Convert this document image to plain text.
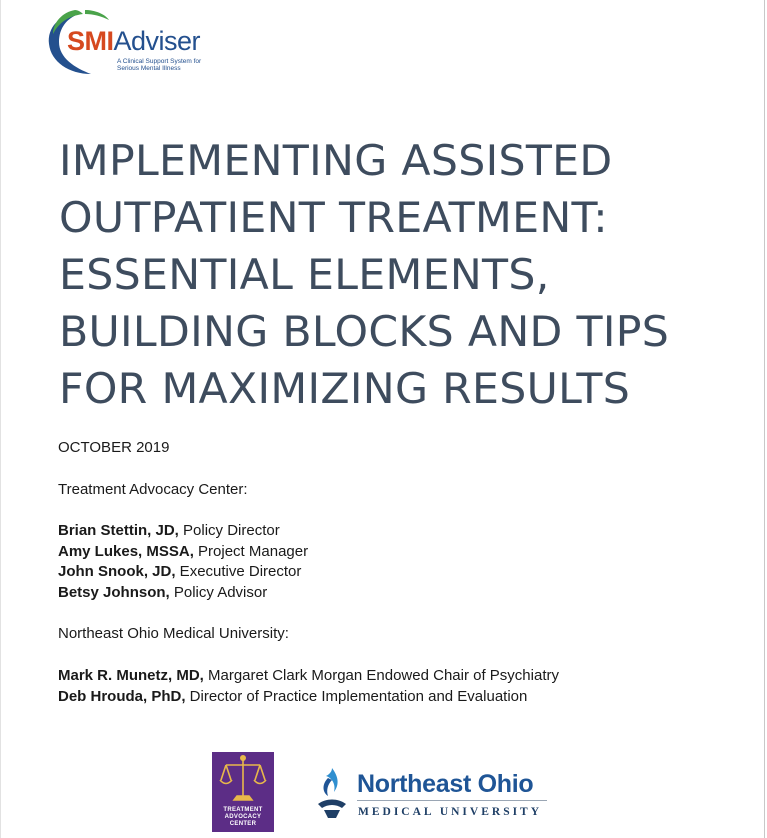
SMIAdviser
A Clinical Support System for
Serious Mental Illness
IMPLEMENTING ASSISTED
OUTPATIENT TREATMENT:
ESSENTIAL ELEMENTS,
BUILDING BLOCKS AND TIPS
FOR MAXIMIZING RESULTS
OCTOBER 2019
Treatment Advocacy Center:
Brian Stettin, JD, Policy Director
Amy Lukes, MSSA, Project Manager
John Snook, JD, Executive Director
Betsy Johnson, Policy Advisor
Northeast Ohio Medical University:
Mark R. Munetz, MD, Margaret Clark Morgan Endowed Chair of Psychiatry
Deb Hrouda, PhD, Director of Practice Implementation and Evaluation
TREATMENT
ADVOCACY
CENTER
Northeast Ohio
MEDICAL UNIVERSITY
